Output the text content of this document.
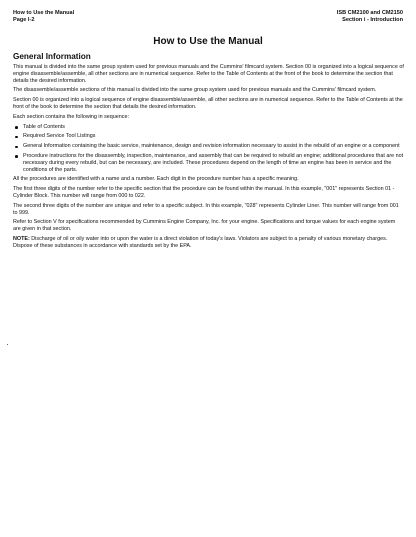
How to Use the Manual
Page I-2
ISB CM2100 and CM2150
Section i - Introduction
How to Use the Manual
General Information

This manual is divided into the same group system used for previous manuals and the Cummins' filmcard system. Section 00 is organized into a logical sequence of engine disassemble/assemble, all other sections are in numerical sequence. Refer to the Table of Contents at the front of the book to determine the section that details the desired information.

The disassemble/assemble sections of this manual is divided into the same group system used for previous manuals and the Cummins' filmcard system.

Section 00 is organized into a logical sequence of engine disassemble/assemble, all other sections are in numerical sequence. Refer to the Table of Contents at the front of the book to determine the section that details the desired information.

Each section contains the following in sequence:

Table of Contents
Required Service Tool Listings
General Information containing the basic service, maintenance, design and revision information necessary to assist in the rebuild of an engine or a component
Procedure instructions for the disassembly, inspection, maintenance, and assembly that can be required to rebuild an engine; additional procedures that are not necessary during every rebuild, but can be necessary, are included. These procedures depend on the length of time an engine has been in service and the conditions of the parts.

All the procedures are identified with a name and a number. Each digit in the procedure number has a specific meaning.

The first three digits of the number refer to the specific section that the procedure can be found within the manual. In this example, "001" represents Section 01 - Cylinder Block. This number will range from 000 to 022.

The second three digits of the number are unique and refer to a specific subject. In this example, "028" represents Cylinder Liner. This number will range from 001 to 999.

Refer to Section V for specifications recommended by Cummins Engine Company, Inc. for your engine. Specifications and torque values for each engine system are given in that section.

NOTE: Discharge of oil or oily water into or upon the water is a direct violation of today's laws. Violators are subject to a penalty of various monetary charges. Dispose of these substances in accordance with standards set by the EPA.
